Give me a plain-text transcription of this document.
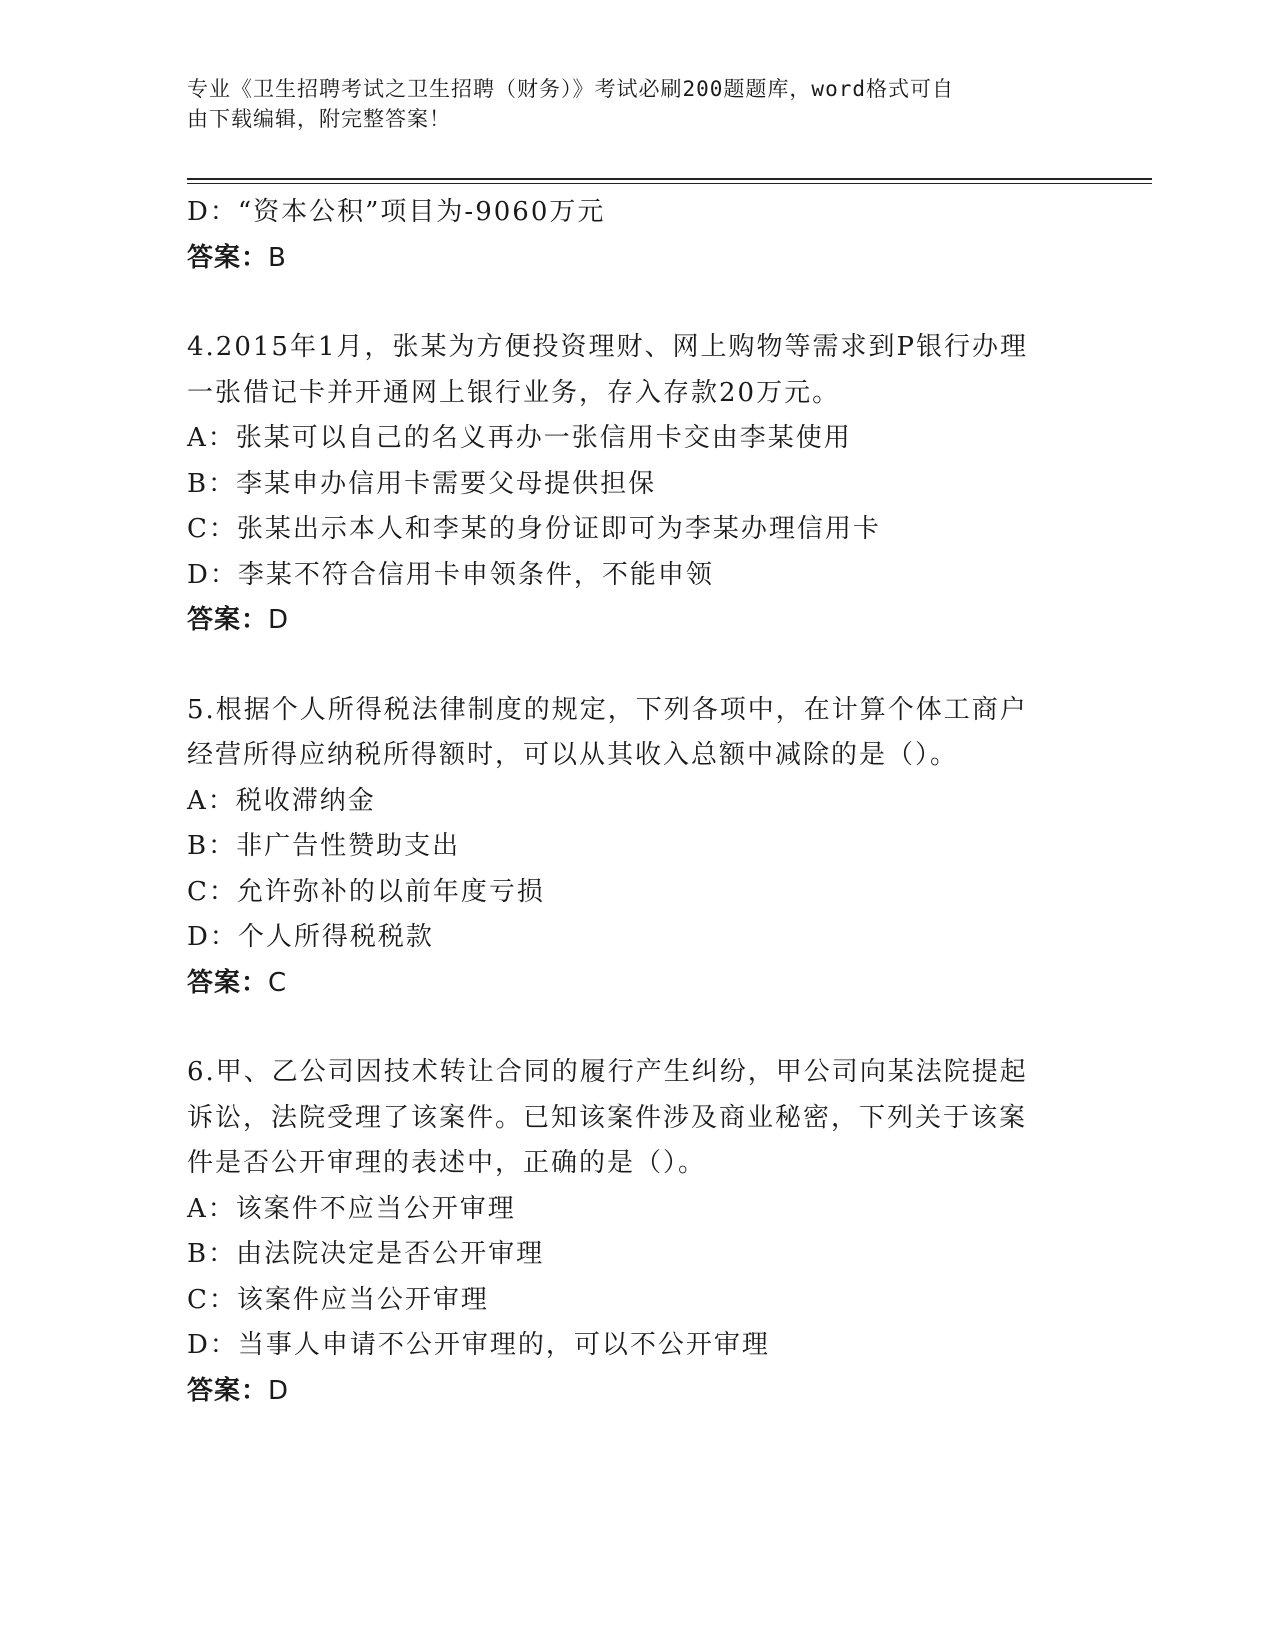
专业《卫生招聘考试之卫生招聘（财务）》考试必刷200题题库，word格式可自
由下载编辑，附完整答案！
D：“资本公积”项目为-9060万元
答案：B
4.2015年1月，张某为方便投资理财、网上购物等需求到P银行办理
一张借记卡并开通网上银行业务，存入存款20万元。
A：张某可以自己的名义再办一张信用卡交由李某使用
B：李某申办信用卡需要父母提供担保
C：张某出示本人和李某的身份证即可为李某办理信用卡
D：李某不符合信用卡申领条件，不能申领
答案：D
5.根据个人所得税法律制度的规定，下列各项中，在计算个体工商户
经营所得应纳税所得额时，可以从其收入总额中减除的是（）。
A：税收滞纳金
B：非广告性赞助支出
C：允许弥补的以前年度亏损
D：个人所得税税款
答案：C
6.甲、乙公司因技术转让合同的履行产生纠纷，甲公司向某法院提起
诉讼，法院受理了该案件。已知该案件涉及商业秘密，下列关于该案
件是否公开审理的表述中，正确的是（）。
A：该案件不应当公开审理
B：由法院决定是否公开审理
C：该案件应当公开审理
D：当事人申请不公开审理的，可以不公开审理
答案：D
